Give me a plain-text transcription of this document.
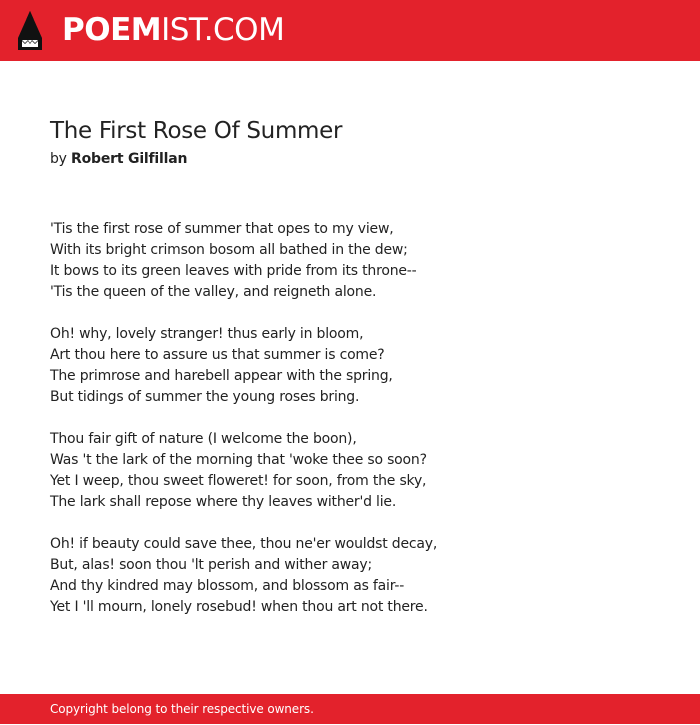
POEMIST.COM
The First Rose Of Summer
by Robert Gilfillan
'Tis the first rose of summer that opes to my view,
With its bright crimson bosom all bathed in the dew;
It bows to its green leaves with pride from its throne--
'Tis the queen of the valley, and reigneth alone.
Oh! why, lovely stranger! thus early in bloom,
Art thou here to assure us that summer is come?
The primrose and harebell appear with the spring,
But tidings of summer the young roses bring.
Thou fair gift of nature (I welcome the boon),
Was 't the lark of the morning that 'woke thee so soon?
Yet I weep, thou sweet floweret! for soon, from the sky,
The lark shall repose where thy leaves wither'd lie.
Oh! if beauty could save thee, thou ne'er wouldst decay,
But, alas! soon thou 'lt perish and wither away;
And thy kindred may blossom, and blossom as fair--
Yet I 'll mourn, lonely rosebud! when thou art not there.
Copyright belong to their respective owners.
